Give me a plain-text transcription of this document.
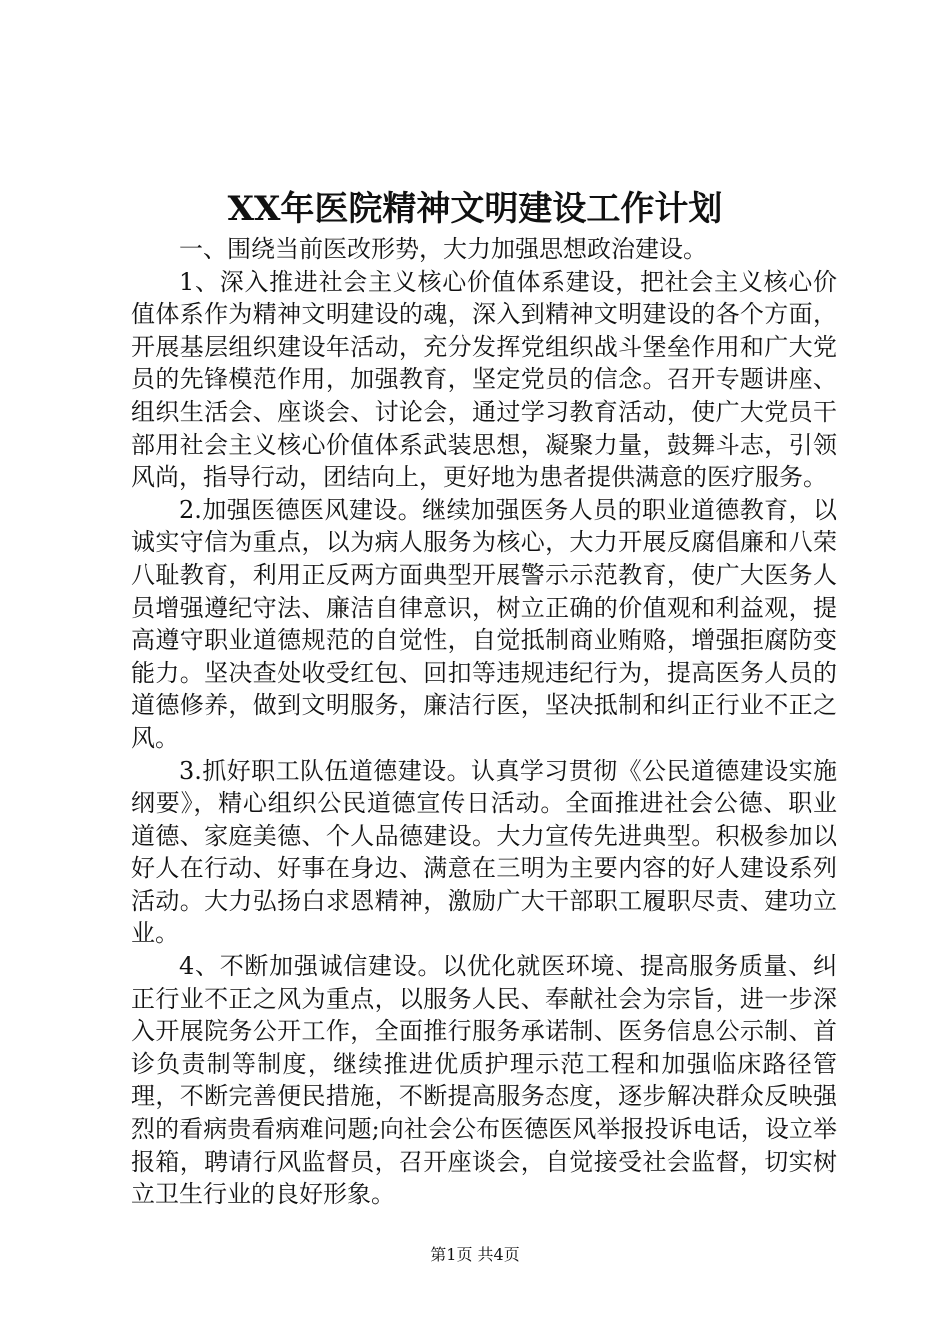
XX年医院精神文明建设工作计划

一、围绕当前医改形势，大力加强思想政治建设。

1、深入推进社会主义核心价值体系建设，把社会主义核心价值体系作为精神文明建设的魂，深入到精神文明建设的各个方面，开展基层组织建设年活动，充分发挥党组织战斗堡垒作用和广大党员的先锋模范作用，加强教育，坚定党员的信念。召开专题讲座、组织生活会、座谈会、讨论会，通过学习教育活动，使广大党员干部用社会主义核心价值体系武装思想，凝聚力量，鼓舞斗志，引领风尚，指导行动，团结向上，更好地为患者提供满意的医疗服务。

2.加强医德医风建设。继续加强医务人员的职业道德教育，以诚实守信为重点，以为病人服务为核心，大力开展反腐倡廉和八荣八耻教育，利用正反两方面典型开展警示示范教育，使广大医务人员增强遵纪守法、廉洁自律意识，树立正确的价值观和利益观，提高遵守职业道德规范的自觉性，自觉抵制商业贿赂，增强拒腐防变能力。坚决查处收受红包、回扣等违规违纪行为，提高医务人员的道德修养，做到文明服务，廉洁行医，坚决抵制和纠正行业不正之风。

3.抓好职工队伍道德建设。认真学习贯彻《公民道德建设实施纲要》，精心组织公民道德宣传日活动。全面推进社会公德、职业道德、家庭美德、个人品德建设。大力宣传先进典型。积极参加以好人在行动、好事在身边、满意在三明为主要内容的好人建设系列活动。大力弘扬白求恩精神，激励广大干部职工履职尽责、建功立业。

4、不断加强诚信建设。以优化就医环境、提高服务质量、纠正行业不正之风为重点，以服务人民、奉献社会为宗旨，进一步深入开展院务公开工作，全面推行服务承诺制、医务信息公示制、首诊负责制等制度，继续推进优质护理示范工程和加强临床路径管理，不断完善便民措施，不断提高服务态度，逐步解决群众反映强烈的看病贵看病难问题;向社会公布医德医风举报投诉电话，设立举报箱，聘请行风监督员，召开座谈会，自觉接受社会监督，切实树立卫生行业的良好形象。

第1页 共4页
